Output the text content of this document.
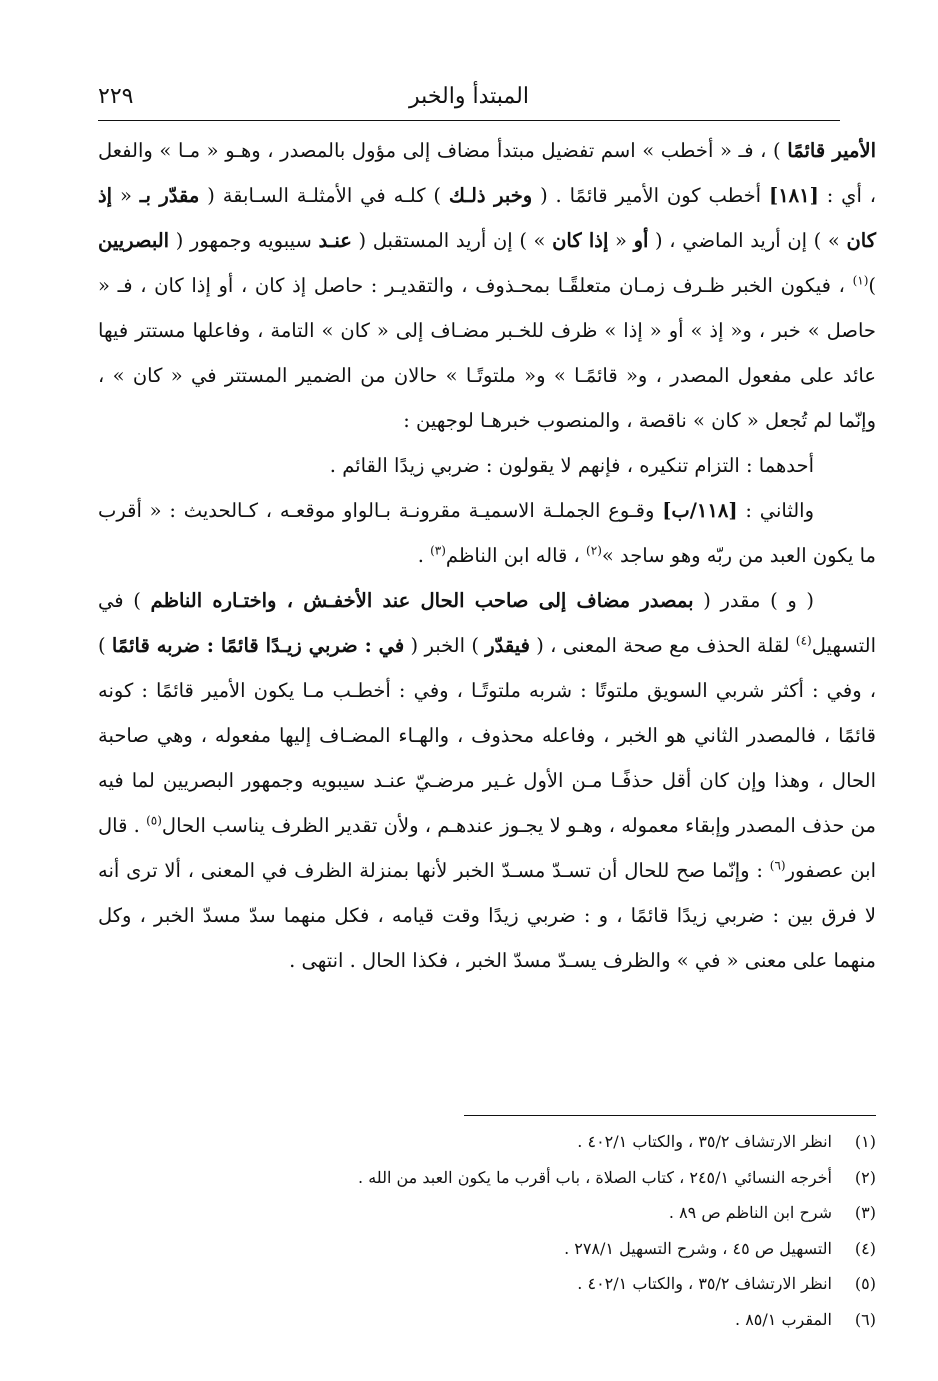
المبتدأ والخبر
٢٢٩

الأمير قائمًا ) ، فـ « أخطب » اسم تفضيل مبتدأ مضاف إلى مؤول بالمصدر ، وهـو « مـا » والفعل ، أي : [١٨١] أخطب كون الأمير قائمًا . ( وخبر ذلـك ) كلـه في الأمثلـة السـابقة ( مقدّر بـ « إذ كان » ) إن أريد الماضي ، ( أو « إذا كان » ) إن أريد المستقبل ( عنـد سيبويه وجمهور ( البصريين )$^{(١)}$ ، فيكون الخبر ظـرف زمـان متعلقًـا بمحـذوف ، والتقديـر : حاصل إذ كان ، أو إذا كان ، فـ « حاصل » خبر ، و« إذ » أو « إذا » ظرف للخـبر مضـاف إلى « كان » التامة ، وفاعلها مستتر فيها عائد على مفعول المصدر ، و« قائمًـا » و« ملتوتًـا » حالان من الضمير المستتر في « كان » ، وإنّما لم تُجعل « كان » ناقصة ، والمنصوب خبرهـا لوجهين :

أحدهما : التزام تنكيره ، فإنهم لا يقولون : ضربي زيدًا القائم .

والثاني : [١١٨/ب] وقـوع الجملـة الاسميـة مقرونـة بـالواو موقعـه ، كـالحديث : « أقرب ما يكون العبد من ربّه وهو ساجد »$^{(٢)}$ ، قاله ابن الناظم$^{(٣)}$ .

( و ) مقدر ( بمصدر مضاف إلى صاحب الحال عند الأخفـش ، واختـاره الناظم ) في التسهيل$^{(٤)}$ لقلة الحذف مع صحة المعنى ، ( فيقدّر ) الخبر ( في : ضربي زيـدًا قائمًا : ضربه قائمًا ) ، وفي : أكثر شربي السويق ملتوتًا : شربه ملتوتًـا ، وفي : أخطـب مـا يكون الأمير قائمًا : كونه قائمًا ، فالمصدر الثاني هو الخبر ، وفاعله محذوف ، والهـاء المضـاف إليها مفعوله ، وهي صاحبة الحال ، وهذا وإن كان أقل حذفًـا مـن الأول غـير مرضـيّ عنـد سيبويه وجمهور البصريين لما فيه من حذف المصدر وإبقاء معموله ، وهـو لا يجـوز عندهـم ، ولأن تقدير الظرف يناسب الحال$^{(٥)}$ . قال ابن عصفور$^{(٦)}$ : وإنّما صح للحال أن تسـدّ مسـدّ الخبر لأنها بمنزلة الظرف في المعنى ، ألا ترى أنه لا فرق بين : ضربي زيدًا قائمًا ، و : ضربي زيدًا وقت قيامه ، فكل منهما سدّ مسدّ الخبر ، وكل منهما على معنى « في » والظرف يسـدّ مسدّ الخبر ، فكذا الحال . انتهى .

(١)
انظر الارتشاف ٣٥/٢ ، والكتاب ٤٠٢/١ .
(٢)
أخرجه النسائي ٢٤٥/١ ، كتاب الصلاة ، باب أقرب ما يكون العبد من الله .
(٣)
شرح ابن الناظم ص ٨٩ .
(٤)
التسهيل ص ٤٥ ، وشرح التسهيل ٢٧٨/١ .
(٥)
انظر الارتشاف ٣٥/٢ ، والكتاب ٤٠٢/١ .
(٦)
المقرب ٨٥/١ .
